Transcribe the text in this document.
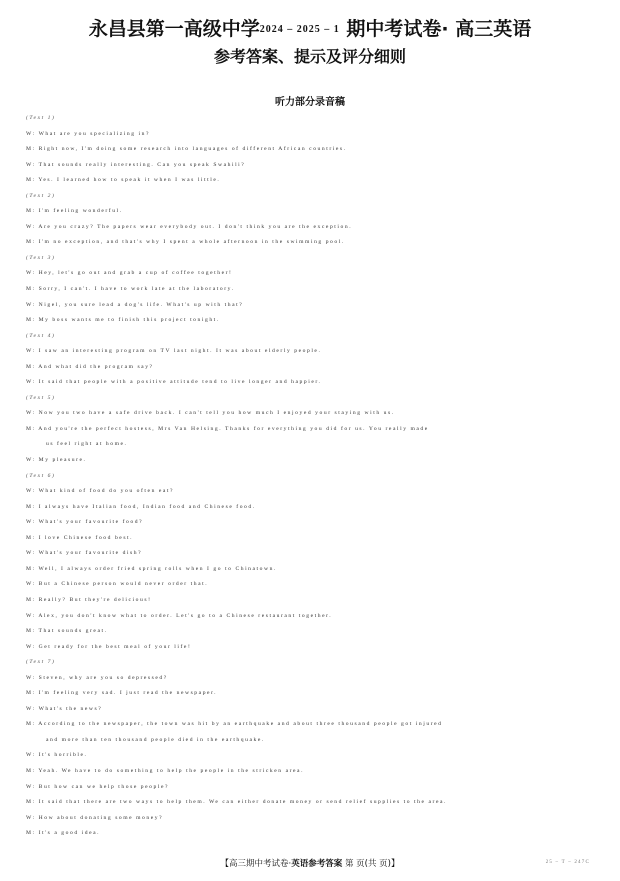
永昌县第一高级中学2024 – 2025 – 1 期中考试卷· 高三英语
参考答案、提示及评分细则
听力部分录音稿
(Text 1)
W: What are you specializing in?
M: Right now, I'm doing some research into languages of different African countries.
W: That sounds really interesting. Can you speak Swahili?
M: Yes. I learned how to speak it when I was little.
(Text 2)
M: I'm feeling wonderful.
W: Are you crazy? The papers wear everybody out. I don't think you are the exception.
M: I'm no exception, and that's why I spent a whole afternoon in the swimming pool.
(Text 3)
W: Hey, let's go out and grab a cup of coffee together!
M: Sorry, I can't. I have to work late at the laboratory.
W: Nigel, you sure lead a dog's life. What's up with that?
M: My boss wants me to finish this project tonight.
(Text 4)
W: I saw an interesting program on TV last night. It was about elderly people.
M: And what did the program say?
W: It said that people with a positive attitude tend to live longer and happier.
(Text 5)
W: Now you two have a safe drive back. I can't tell you how much I enjoyed your staying with us.
M: And you're the perfect hostess, Mrs Van Helsing. Thanks for everything you did for us. You really made
us feel right at home.
W: My pleasure.
(Text 6)
W: What kind of food do you often eat?
M: I always have Italian food, Indian food and Chinese food.
W: What's your favourite food?
M: I love Chinese food best.
W: What's your favourite dish?
M: Well, I always order fried spring rolls when I go to Chinatown.
W: But a Chinese person would never order that.
M: Really? But they're delicious!
W: Alex, you don't know what to order. Let's go to a Chinese restaurant together.
M: That sounds great.
W: Get ready for the best meal of your life!
(Text 7)
W: Steven, why are you so depressed?
M: I'm feeling very sad. I just read the newspaper.
W: What's the news?
M: According to the newspaper, the town was hit by an earthquake and about three thousand people got injured
and more than ten thousand people died in the earthquake.
W: It's horrible.
M: Yeah. We have to do something to help the people in the stricken area.
W: But how can we help those people?
M: It said that there are two ways to help them. We can either donate money or send relief supplies to the area.
W: How about donating some money?
M: It's a good idea.
【高三期中考试卷·英语参考答案 第 页(共 页)】	25 – T – 247C
